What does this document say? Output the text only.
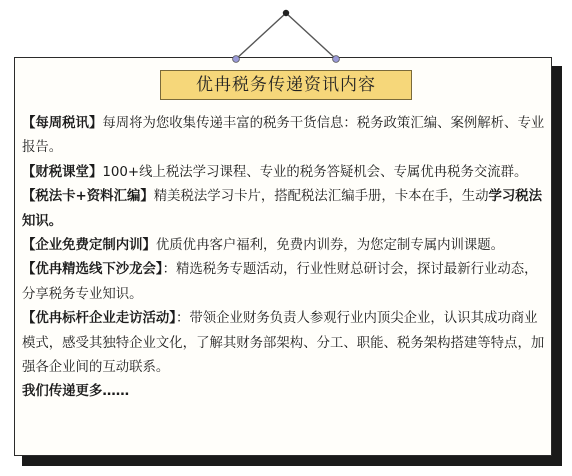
优冉税务传递资讯内容

【每周税讯】每周将为您收集传递丰富的税务干货信息：税务政策汇编、案例解析、专业报告。

【财税课堂】100+线上税法学习课程、专业的税务答疑机会、专属优冉税务交流群。

【税法卡+资料汇编】精美税法学习卡片，搭配税法汇编手册，卡本在手，生动学习税法知识。

【企业免费定制内训】优质优冉客户福利，免费内训券，为您定制专属内训课题。

【优冉精选线下沙龙会】：精选税务专题活动，行业性财总研讨会，探讨最新行业动态，分享税务专业知识。

【优冉标杆企业走访活动】：带领企业财务负责人参观行业内顶尖企业，认识其成功商业模式，感受其独特企业文化，了解其财务部架构、分工、职能、税务架构搭建等特点，加强各企业间的互动联系。

我们传递更多……
